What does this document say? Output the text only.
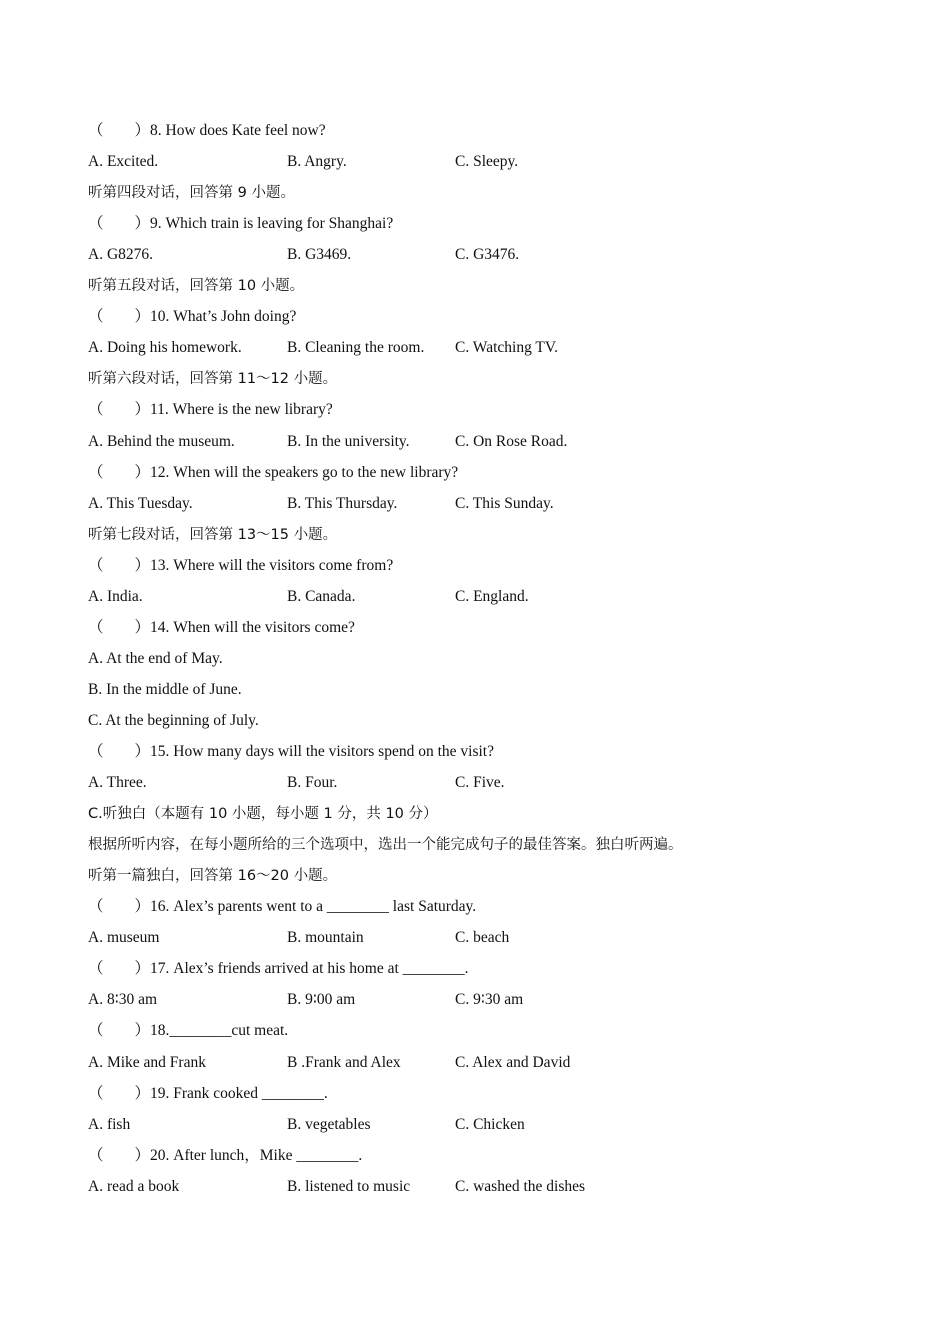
（　　）8. How does Kate feel now?
A. Excited.	B. Angry.	C. Sleepy.
听第四段对话，回答第 9 小题。
（　　）9. Which train is leaving for Shanghai?
A. G8276.	B. G3469.	C. G3476.
听第五段对话，回答第 10 小题。
（　　）10. What’s John doing?
A. Doing his homework.	B. Cleaning the room. C. Watching TV.
听第六段对话，回答第 11～12 小题。
（　　）11. Where is the new library?
A. Behind the museum.	B. In the university.	C. On Rose Road.
（　　）12. When will the speakers go to the new library?
A. This Tuesday.	B. This Thursday.	C. This Sunday.
听第七段对话，回答第 13～15 小题。
（　　）13. Where will the visitors come from?
A. India.	B. Canada.	C. England.
（　　）14. When will the visitors come?
A. At the end of May.
B. In the middle of June.
C. At the beginning of July.
（　　）15. How many days will the visitors spend on the visit?
A. Three.	B. Four.	C. Five.
C.听独白（本题有 10 小题，每小题 1 分，共 10 分）
根据所听内容，在每小题所给的三个选项中，选出一个能完成句子的最佳答案。独白听两遍。
听第一篇独白，回答第 16～20 小题。
（　　）16. Alex’s parents went to a ________ last Saturday.
A. museum	B. mountain	C. beach
（　　）17. Alex’s friends arrived at his home at ________.
A. 8∶30 am	B. 9∶00 am	C. 9∶30 am
（　　）18.________cut meat.
A. Mike and Frank	B .Frank and Alex	C. Alex and David
（　　）19. Frank cooked ________.
A. fish	B. vegetables	C. Chicken
（　　）20. After lunch，Mike ________.
A. read a book	B. listened to music	C. washed the dishes
